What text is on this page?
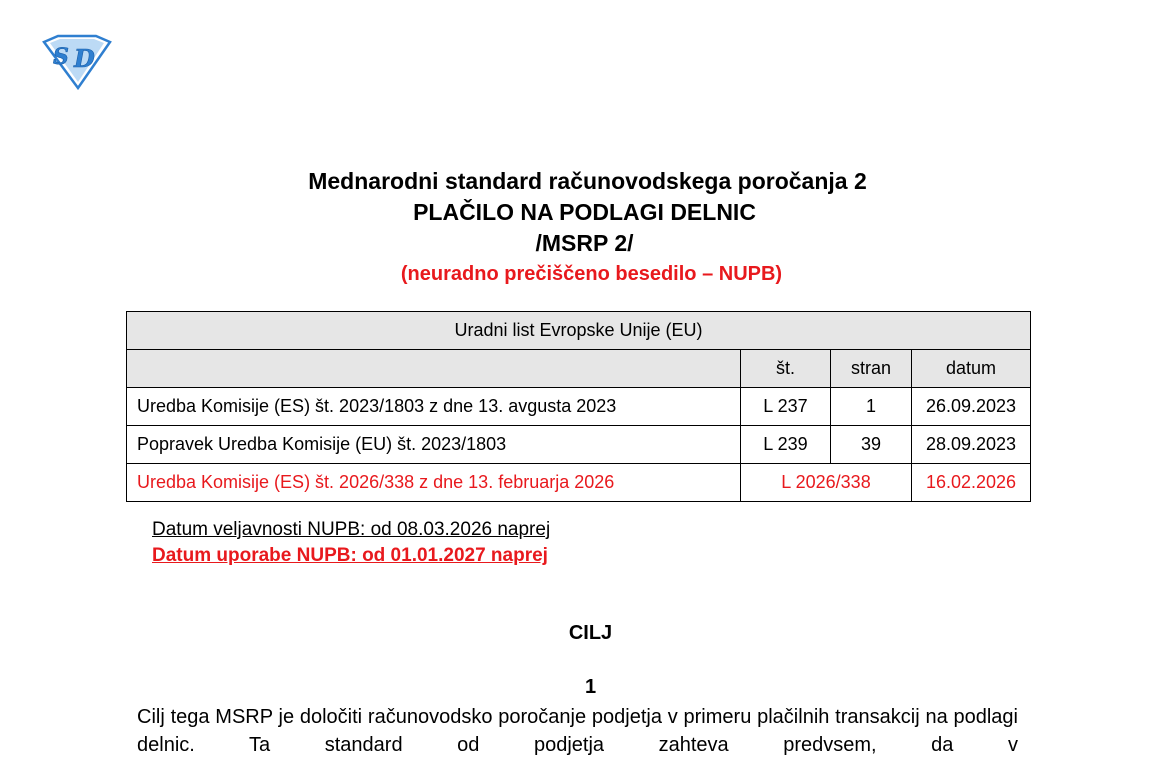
S D
Mednarodni standard računovodskega poročanja 2
PLAČILO NA PODLAGI DELNIC
/MSRP 2/
(neuradno prečiščeno besedilo – NUPB)
Uradni list Evropske Unije (EU)			
	št.	stran	datum
Uredba Komisije (ES) št. 2023/1803 z dne 13. avgusta 2023	L 237	1	26.09.2023
Popravek Uredba Komisije (EU) št. 2023/1803	L 239	39	28.09.2023
Uredba Komisije (ES) št. 2026/338 z dne 13. februarja 2026	L 2026/338		16.02.2026
Datum veljavnosti NUPB: od 08.03.2026 naprej
Datum uporabe NUPB: od 01.01.2027 naprej
CILJ
1
Cilj tega MSRP je določiti računovodsko poročanje podjetja v primeru plačilnih transakcij na podlagi delnic. Ta standard od podjetja zahteva predvsem, da v
